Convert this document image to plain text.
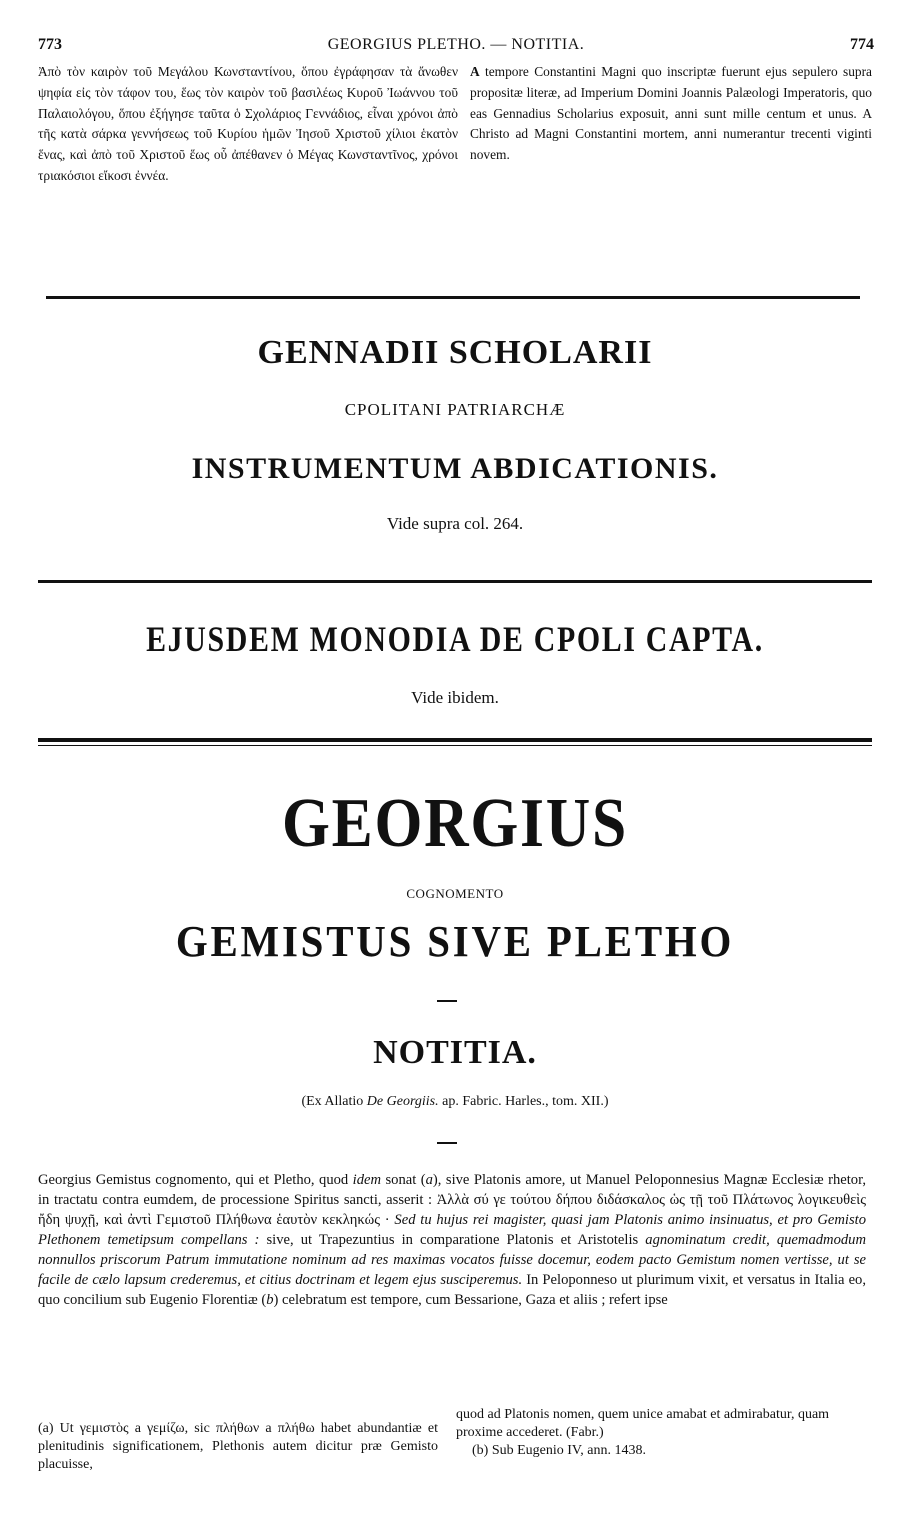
773	GEORGIUS PLETHO. — NOTITIA.	774

Ἀπὸ τὸν καιρὸν τοῦ Μεγάλου Κωνσταντίνου, ὅπου ἐγράφησαν τὰ ἄνωθεν ψηφία εἰς τὸν τάφον του, ἕως τὸν καιρὸν τοῦ βασιλέως Κυροῦ Ἰωάννου τοῦ Παλαιολόγου, ὅπου ἐξήγησε ταῦτα ὁ Σχολάριος Γεννάδιος, εἶναι χρόνοι ἀπὸ τῆς κατὰ σάρκα γεννήσεως τοῦ Κυρίου ἡμῶν Ἰησοῦ Χριστοῦ χίλιοι ἑκατὸν ἕνας, καὶ ἀπὸ τοῦ Χριστοῦ ἕως οὗ ἀπέθανεν ὁ Μέγας Κωνσταντῖνος, χρόνοι τριακόσιοι εἴκοσι ἐννέα.

A tempore Constantini Magni quo inscriptæ fuerunt ejus sepulero supra propositæ literæ, ad Imperium Domini Joannis Palæologi Imperatoris, quo eas Gennadius Scholarius exposuit, anni sunt mille centum et unus. A Christo ad Magni Constantini mortem, anni numerantur trecenti viginti novem.

GENNADII SCHOLARII
CPOLITANI PATRIARCHÆ
INSTRUMENTUM ABDICATIONIS.
Vide supra col. 264.
EJUSDEM MONODIA DE CPOLI CAPTA.
Vide ibidem.
GEORGIUS
COGNOMENTO
GEMISTUS SIVE PLETHO
NOTITIA.
(Ex Allatio De Georgiis. ap. Fabric. Harles., tom. XII.)

Georgius Gemistus cognomento, qui et Pletho, quod idem sonat (a), sive Platonis amore, ut Manuel Peloponnesius Magnæ Ecclesiæ rhetor, in tractatu contra eumdem, de processione Spiritus sancti, asserit : Ἀλλὰ σύ γε τούτου δήπου διδάσκαλος ὡς τῇ τοῦ Πλάτωνος λογικευθεὶς ἤδη ψυχῇ, καὶ ἀντὶ Γεμιστοῦ Πλήθωνα ἑαυτὸν κεκληκώς · Sed tu hujus rei magister, quasi jam Platonis animo insinuatus, et pro Gemisto Plethonem temetipsum compellans : sive, ut Trapezuntius in comparatione Platonis et Aristotelis agnominatum credit, quemadmodum nonnullos priscorum Patrum immutatione nominum ad res maximas vocatos fuisse docemur, eodem pacto Gemistum nomen vertisse, ut se facile de cælo lapsum crederemus, et citius doctrinam et legem ejus susciperemus. In Peloponneso ut plurimum vixit, et versatus in Italia eo, quo concilium sub Eugenio Florentiæ (b) celebratum est tempore, cum Bessarione, Gaza et aliis ; refert ipse

(a) Ut γεμιστὸς a γεμίζω, sic πλήθων a πλήθω habet abundantiæ et plenitudinis significationem, Plethonis autem dicitur præ Gemisto placuisse,

quod ad Platonis nomen, quem unice amabat et admirabatur, quam proxime accederet. (Fabr.)
(b) Sub Eugenio IV, ann. 1438.
